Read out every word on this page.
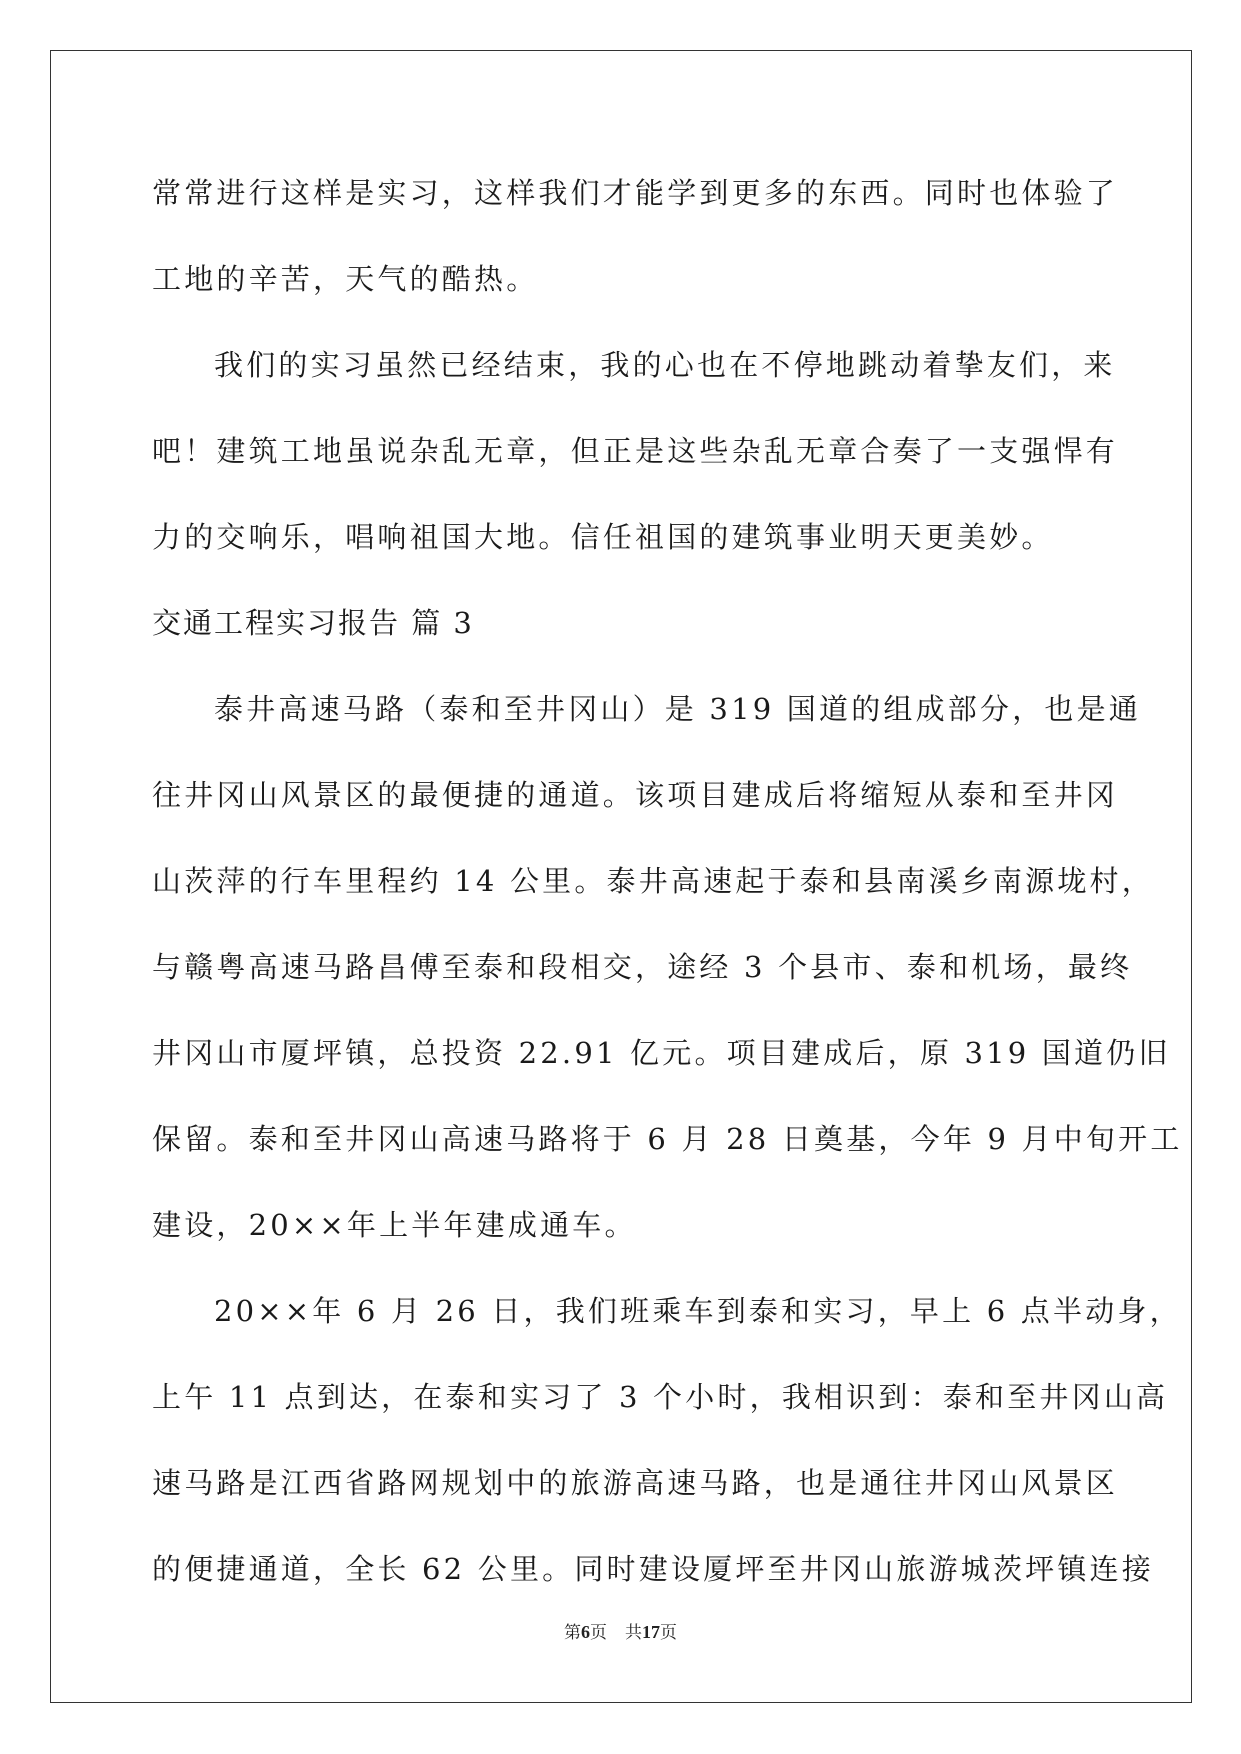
常常进行这样是实习，这样我们才能学到更多的东西。同时也体验了
工地的辛苦，天气的酷热。
我们的实习虽然已经结束，我的心也在不停地跳动着挚友们，来
吧！建筑工地虽说杂乱无章，但正是这些杂乱无章合奏了一支强悍有
力的交响乐，唱响祖国大地。信任祖国的建筑事业明天更美妙。
交通工程实习报告 篇 3
泰井高速马路（泰和至井冈山）是 319 国道的组成部分，也是通
往井冈山风景区的最便捷的通道。该项目建成后将缩短从泰和至井冈
山茨萍的行车里程约 14 公里。泰井高速起于泰和县南溪乡南源垅村，
与赣粤高速马路昌傅至泰和段相交，途经 3 个县市、泰和机场，最终
井冈山市厦坪镇，总投资 22.91 亿元。项目建成后，原 319 国道仍旧
保留。泰和至井冈山高速马路将于 6 月 28 日奠基，今年 9 月中旬开工
建设，20××年上半年建成通车。
20××年 6 月 26 日，我们班乘车到泰和实习，早上 6 点半动身，
上午 11 点到达，在泰和实习了 3 个小时，我相识到：泰和至井冈山高
速马路是江西省路网规划中的旅游高速马路，也是通往井冈山风景区
的便捷通道，全长 62 公里。同时建设厦坪至井冈山旅游城茨坪镇连接
第6页 共17页
